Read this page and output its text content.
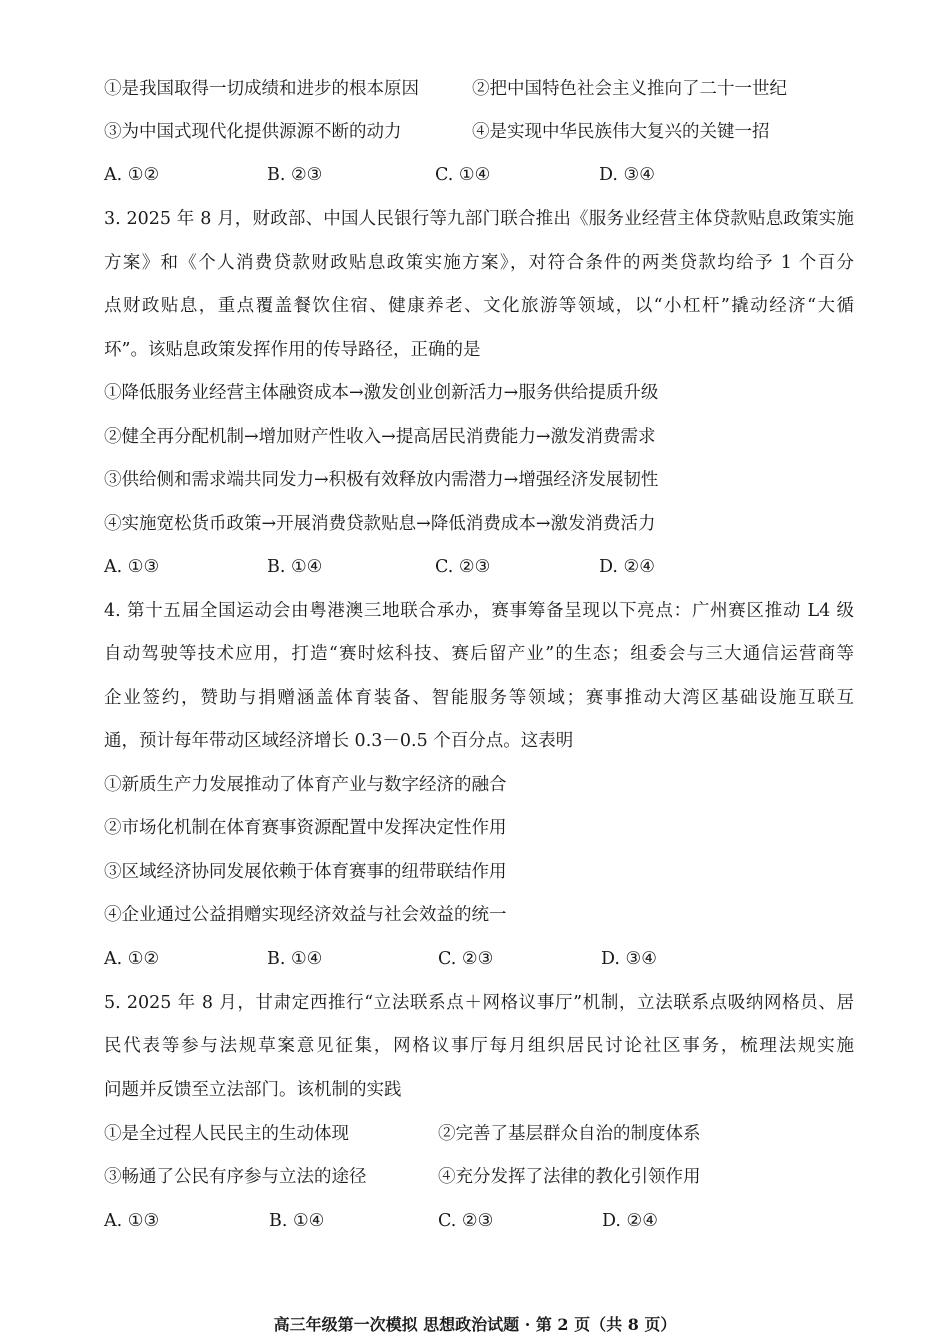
①是我国取得一切成绩和进步的根本原因	②把中国特色社会主义推向了二十一世纪
③为中国式现代化提供源源不断的动力	④是实现中华民族伟大复兴的关键一招
A. ①②	B. ②③	C. ①④	D. ③④
3. 2025 年 8 月，财政部、中国人民银行等九部门联合推出《服务业经营主体贷款贴息政策实施
方案》和《个人消费贷款财政贴息政策实施方案》，对符合条件的两类贷款均给予 1 个百分
点财政贴息，重点覆盖餐饮住宿、健康养老、文化旅游等领域，以“小杠杆”撬动经济“大循
环”。该贴息政策发挥作用的传导路径，正确的是
①降低服务业经营主体融资成本→激发创业创新活力→服务供给提质升级
②健全再分配机制→增加财产性收入→提高居民消费能力→激发消费需求
③供给侧和需求端共同发力→积极有效释放内需潜力→增强经济发展韧性
④实施宽松货币政策→开展消费贷款贴息→降低消费成本→激发消费活力
A. ①③	B. ①④	C. ②③	D. ②④
4. 第十五届全国运动会由粤港澳三地联合承办，赛事筹备呈现以下亮点：广州赛区推动 L4 级
自动驾驶等技术应用，打造“赛时炫科技、赛后留产业”的生态；组委会与三大通信运营商等
企业签约，赞助与捐赠涵盖体育装备、智能服务等领域；赛事推动大湾区基础设施互联互
通，预计每年带动区域经济增长 0.3－0.5 个百分点。这表明
①新质生产力发展推动了体育产业与数字经济的融合
②市场化机制在体育赛事资源配置中发挥决定性作用
③区域经济协同发展依赖于体育赛事的纽带联结作用
④企业通过公益捐赠实现经济效益与社会效益的统一
A. ①②	B. ①④	C. ②③	D. ③④
5. 2025 年 8 月，甘肃定西推行“立法联系点＋网格议事厅”机制，立法联系点吸纳网格员、居
民代表等参与法规草案意见征集，网格议事厅每月组织居民讨论社区事务，梳理法规实施
问题并反馈至立法部门。该机制的实践
①是全过程人民民主的生动体现	②完善了基层群众自治的制度体系
③畅通了公民有序参与立法的途径	④充分发挥了法律的教化引领作用
A. ①③	B. ①④	C. ②③	D. ②④
高三年级第一次模拟 思想政治试题 · 第 2 页（共 8 页）
